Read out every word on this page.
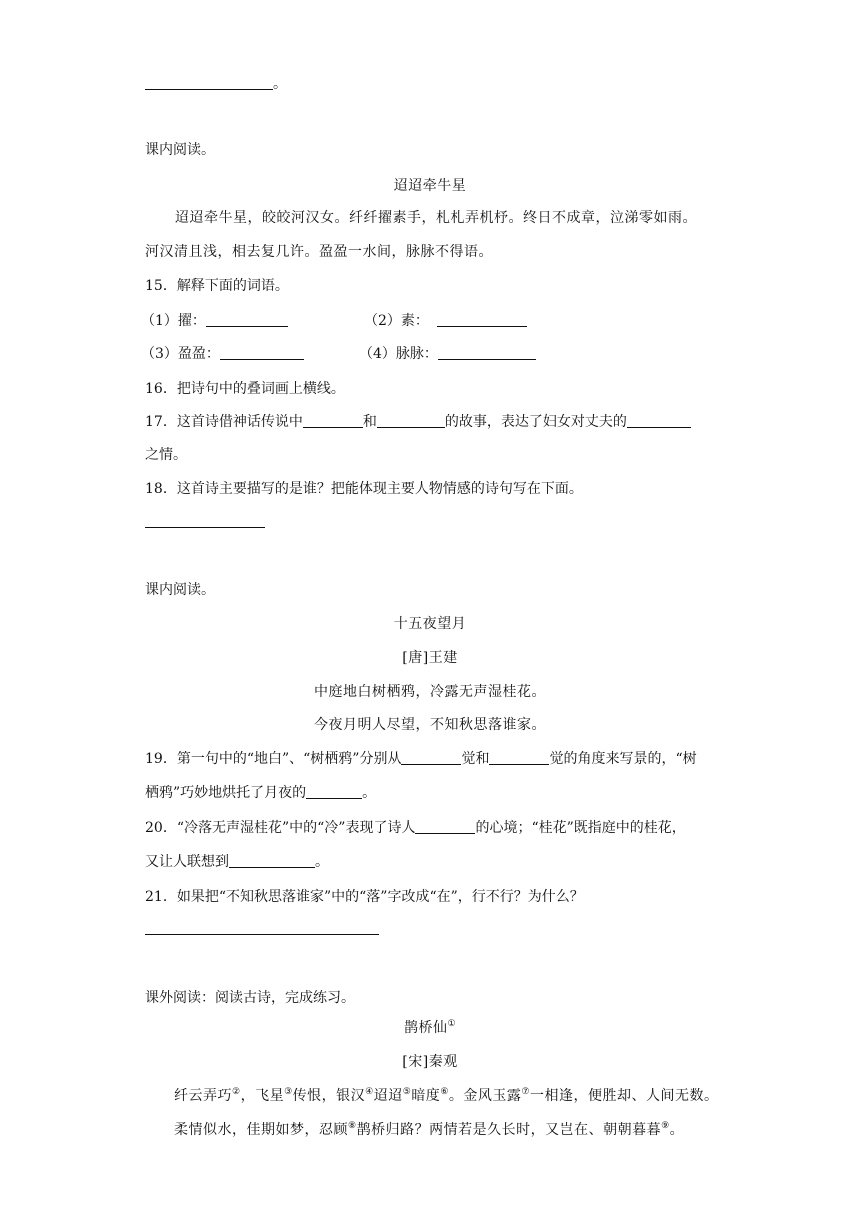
。
课内阅读。
迢迢牵牛星
迢迢牵牛星，皎皎河汉女。纤纤擢素手，札札弄机杼。终日不成章，泣涕零如雨。
河汉清且浅，相去复几许。盈盈一水间，脉脉不得语。
15．解释下面的词语。
（1）擢：	（2）素：
（3）盈盈：	（4）脉脉：
16．把诗句中的叠词画上横线。
17．这首诗借神话传说中	和	的故事，表达了妇女对丈夫的
之情。
18．这首诗主要描写的是谁？把能体现主要人物情感的诗句写在下面。
课内阅读。
十五夜望月
[唐]王建
中庭地白树栖鸦，冷露无声湿桂花。
今夜月明人尽望，不知秋思落谁家。
19．第一句中的“地白”、“树栖鸦”分别从	觉和	觉的角度来写景的，“树
栖鸦”巧妙地烘托了月夜的	。
20．“冷落无声湿桂花”中的“冷”表现了诗人	的心境；“桂花”既指庭中的桂花，
又让人联想到	。
21．如果把“不知秋思落谁家”中的“落”字改成“在”，行不行？为什么？
课外阅读：阅读古诗，完成练习。
鹊桥仙①
[宋]秦观
纤云弄巧②，飞星③传恨，银汉④迢迢⑤暗度⑥。金风玉露⑦一相逢，便胜却、人间无数。
柔情似水，佳期如梦，忍顾⑧鹊桥归路？两情若是久长时，又岂在、朝朝暮暮⑨。
